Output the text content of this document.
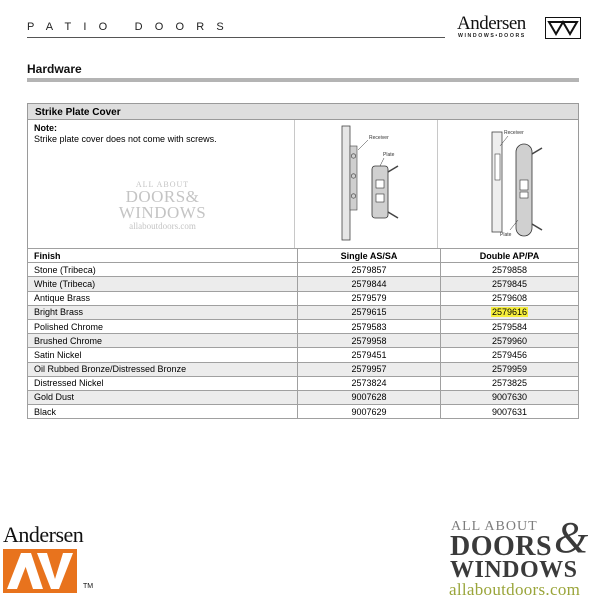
PATIO DOORS	Andersen
WINDOWS•DOORS
Hardware
Strike Plate Cover
Note:
Strike plate cover does not come with screws.
ALL ABOUT
DOORS&
WINDOWS
allaboutdoors.com
Receiver
Plate
Receiver
Plate
Finish	Single AS/SA	Double AP/PA
Stone (Tribeca)	2579857	2579858
White (Tribeca)	2579844	2579845
Antique Brass	2579579	2579608
Bright Brass	2579615	2579616
Polished Chrome	2579583	2579584
Brushed Chrome	2579958	2579960
Satin Nickel	2579451	2579456
Oil Rubbed Bronze/Distressed Bronze	2579957	2579959
Distressed Nickel	2573824	2573825
Gold Dust	9007628	9007630
Black	9007629	9007631
Andersen
TM
ALL ABOUT
DOORS &
WINDOWS
allaboutdoors.com
